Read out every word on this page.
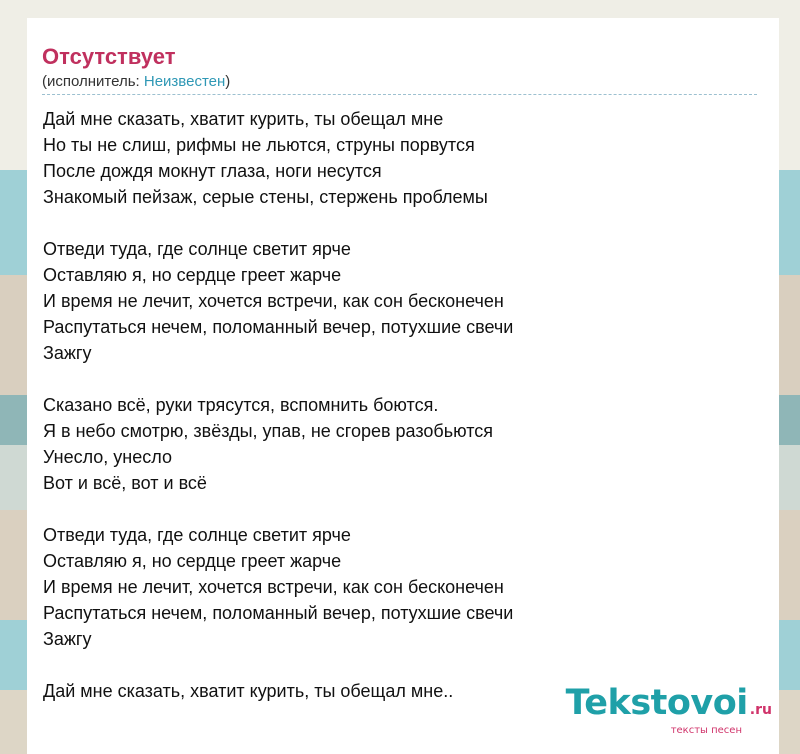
Отсутствует
(исполнитель: Неизвестен)
Дай мне сказать, хватит курить, ты обещал мне
Но ты не слиш, рифмы не льются, струны порвутся
После дождя мокнут глаза, ноги несутся
Знакомый пейзаж, серые стены, стержень проблемы
Отведи туда, где солнце светит ярче
Оставляю я, но сердце греет жарче
И время не лечит, хочется встречи, как сон бесконечен
Распутаться нечем, поломанный вечер, потухшие свечи
Зажгу
Сказано всё, руки трясутся, вспомнить боются.
Я в небо смотрю, звёзды, упав, не сгорев разобьются
Унесло, унесло
Вот и всё, вот и всё
Отведи туда, где солнце светит ярче
Оставляю я, но сердце греет жарче
И время не лечит, хочется встречи, как сон бесконечен
Распутаться нечем, поломанный вечер, потухшие свечи
Зажгу
Дай мне сказать, хватит курить, ты обещал мне..	Tekstovoi .ru
тексты песен
